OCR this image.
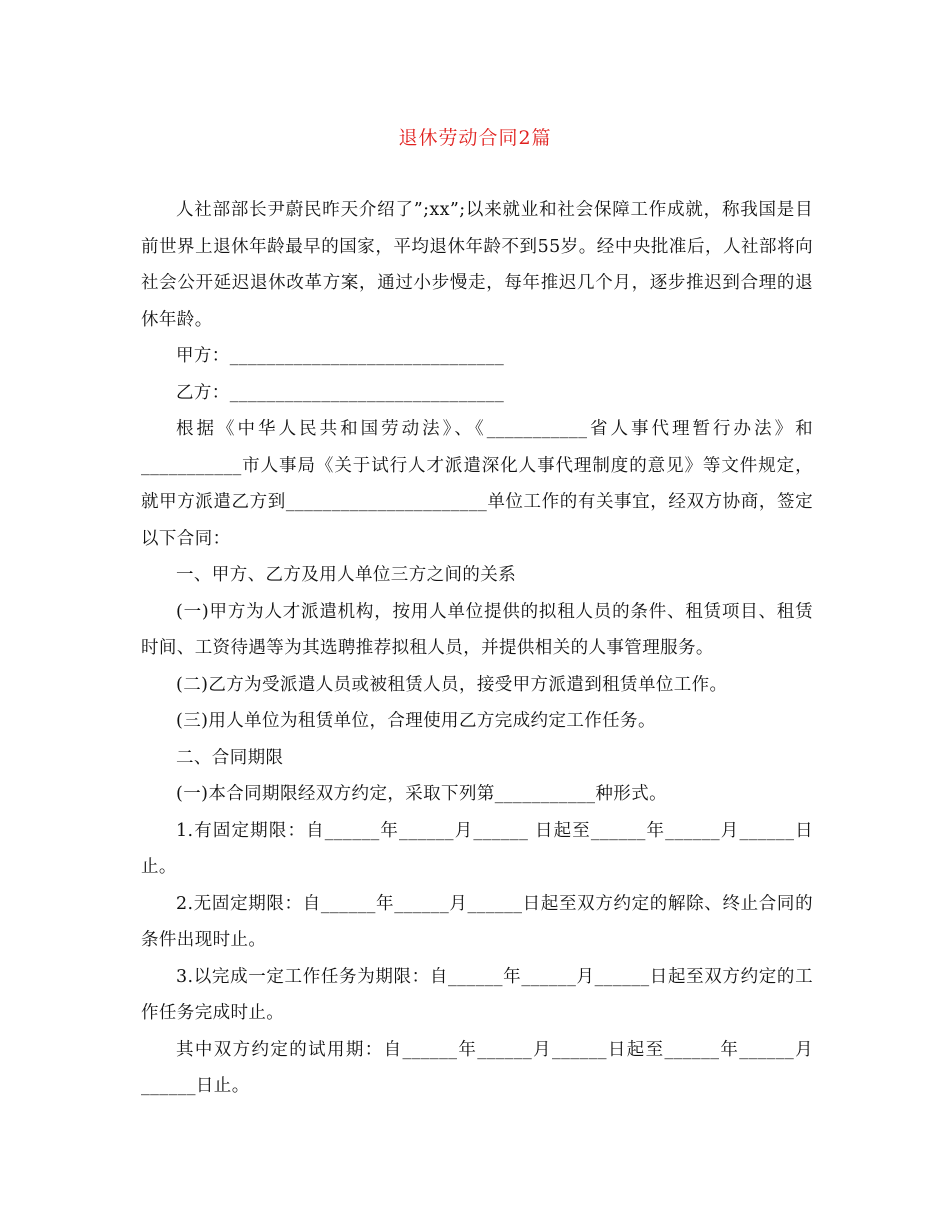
退休劳动合同2篇

人社部部长尹蔚民昨天介绍了”;xx”;以来就业和社会保障工作成就，称我国是目前世界上退休年龄最早的国家，平均退休年龄不到55岁。经中央批准后，人社部将向社会公开延迟退休改革方案，通过小步慢走，每年推迟几个月，逐步推迟到合理的退休年龄。

甲方：______________________________

乙方：______________________________

根据《中华人民共和国劳动法》、《___________省人事代理暂行办法》和___________市人事局《关于试行人才派遣深化人事代理制度的意见》等文件规定，就甲方派遣乙方到______________________单位工作的有关事宜，经双方协商，签定以下合同：

一、甲方、乙方及用人单位三方之间的关系

(一)甲方为人才派遣机构，按用人单位提供的拟租人员的条件、租赁项目、租赁时间、工资待遇等为其选聘推荐拟租人员，并提供相关的人事管理服务。

(二)乙方为受派遣人员或被租赁人员，接受甲方派遣到租赁单位工作。

(三)用人单位为租赁单位，合理使用乙方完成约定工作任务。

二、合同期限

(一)本合同期限经双方约定，采取下列第___________种形式。

1.有固定期限：自______年______月______ 日起至______年______月______日止。

2.无固定期限：自______年______月______日起至双方约定的解除、终止合同的条件出现时止。

3.以完成一定工作任务为期限：自______年______月______日起至双方约定的工作任务完成时止。

其中双方约定的试用期：自______年______月______日起至______年______月______日止。
